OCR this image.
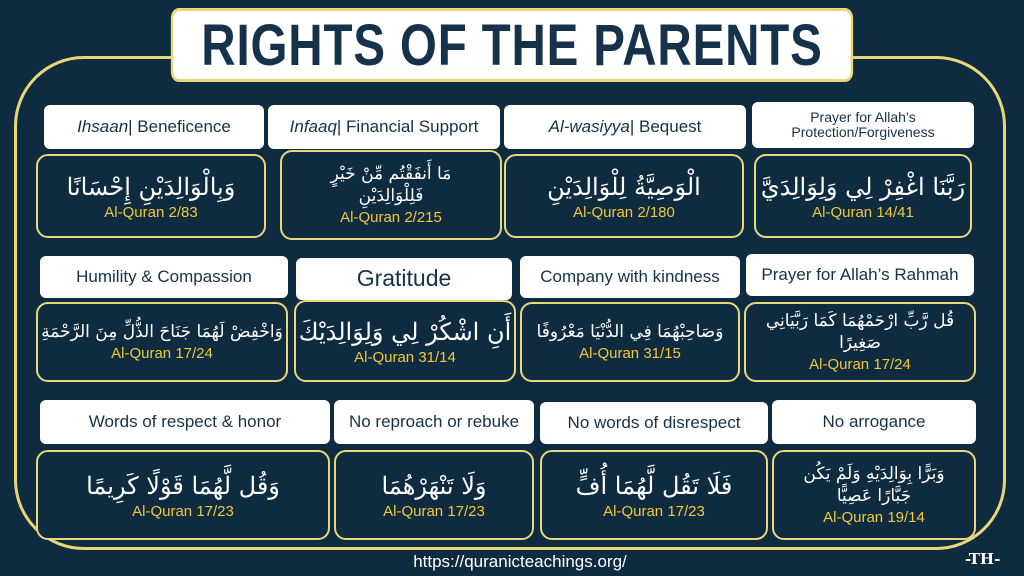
RIGHTS OF THE PARENTS
Ihsaan | Beneficence
وَبِالْوَالِدَيْنِ إِحْسَانًا
Al-Quran 2/83
Infaaq | Financial Support
مَا أَنفَقْتُم مِّنْ خَيْرٍ
فَلِلْوَالِدَيْنِ
Al-Quran 2/215
Al-wasiyya | Bequest
الْوَصِيَّةُ لِلْوَالِدَيْنِ
Al-Quran 2/180
Prayer for Allah’s
Protection/Forgiveness
رَبَّنَا اغْفِرْ لِي وَلِوَالِدَيَّ
Al-Quran 14/41
Humility & Compassion
وَاخْفِضْ لَهُمَا جَنَاحَ الذُّلِّ مِنَ الرَّحْمَةِ
Al-Quran 17/24
Gratitude
أَنِ اشْكُرْ لِي وَلِوَالِدَيْكَ
Al-Quran 31/14
Company with kindness
وَصَاحِبْهُمَا فِي الدُّنْيَا مَعْرُوفًا
Al-Quran 31/15
Prayer for Allah’s Rahmah
قُل رَّبِّ ارْحَمْهُمَا كَمَا رَبَّيَانِي صَغِيرًا
Al-Quran 17/24
Words of respect & honor
وَقُل لَّهُمَا قَوْلًا كَرِيمًا
Al-Quran 17/23
No reproach or rebuke
وَلَا تَنْهَرْهُمَا
Al-Quran 17/23
No words of disrespect
فَلَا تَقُل لَّهُمَا أُفٍّ
Al-Quran 17/23
No arrogance
وَبَرًّا بِوَالِدَيْهِ وَلَمْ يَكُن
جَبَّارًا عَصِيًّا
Al-Quran 19/14
https://quranicteachings.org/	-TH-
